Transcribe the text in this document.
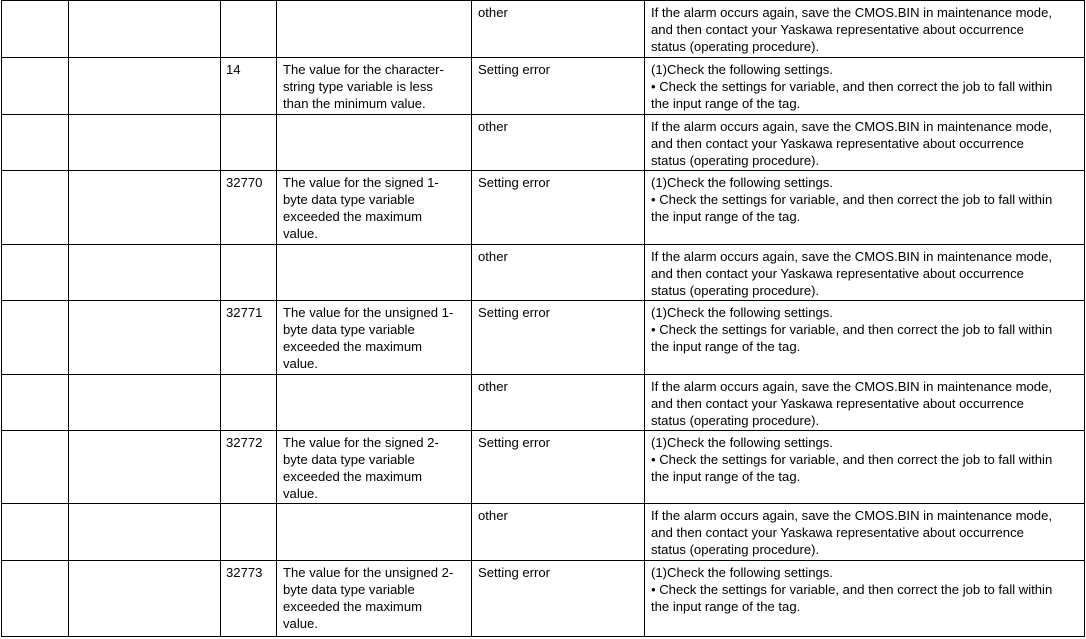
				other	If the alarm occurs again, save the CMOS.BIN in maintenance mode,
and then contact your Yaskawa representative about occurrence
status (operating procedure).
		14	The value for the character-
string type variable is less
than the minimum value.	Setting error	(1)Check the following settings.
• Check the settings for variable, and then correct the job to fall within
the input range of the tag.
				other	If the alarm occurs again, save the CMOS.BIN in maintenance mode,
and then contact your Yaskawa representative about occurrence
status (operating procedure).
		32770	The value for the signed 1-
byte data type variable
exceeded the maximum
value.	Setting error	(1)Check the following settings.
• Check the settings for variable, and then correct the job to fall within
the input range of the tag.
				other	If the alarm occurs again, save the CMOS.BIN in maintenance mode,
and then contact your Yaskawa representative about occurrence
status (operating procedure).
		32771	The value for the unsigned 1-
byte data type variable
exceeded the maximum
value.	Setting error	(1)Check the following settings.
• Check the settings for variable, and then correct the job to fall within
the input range of the tag.
				other	If the alarm occurs again, save the CMOS.BIN in maintenance mode,
and then contact your Yaskawa representative about occurrence
status (operating procedure).
		32772	The value for the signed 2-
byte data type variable
exceeded the maximum
value.	Setting error	(1)Check the following settings.
• Check the settings for variable, and then correct the job to fall within
the input range of the tag.
				other	If the alarm occurs again, save the CMOS.BIN in maintenance mode,
and then contact your Yaskawa representative about occurrence
status (operating procedure).
		32773	The value for the unsigned 2-
byte data type variable
exceeded the maximum
value.	Setting error	(1)Check the following settings.
• Check the settings for variable, and then correct the job to fall within
the input range of the tag.
